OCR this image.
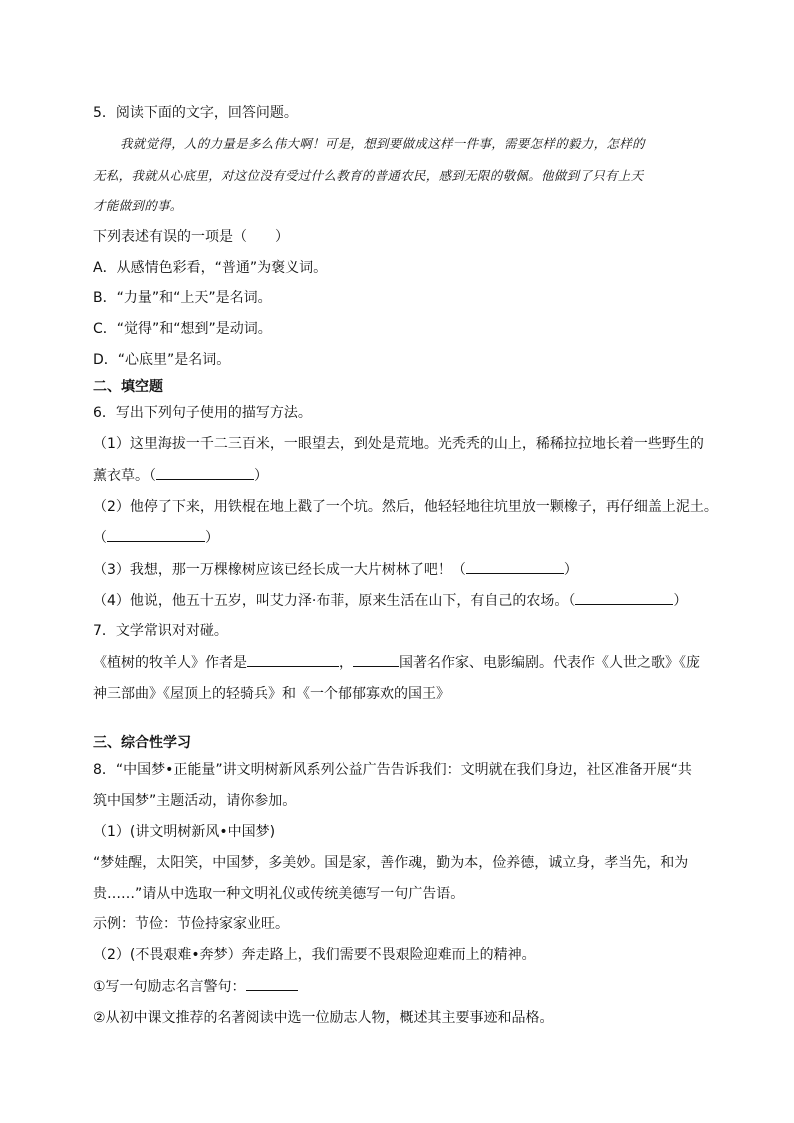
5．阅读下面的文字，回答问题。
我就觉得，人的力量是多么伟大啊！可是，想到要做成这样一件事，需要怎样的毅力，怎样的
无私，我就从心底里，对这位没有受过什么教育的普通农民，感到无限的敬佩。他做到了只有上天
才能做到的事。
下列表述有误的一项是（　　）
A．从感情色彩看，“普通”为褒义词。
B．“力量”和“上天”是名词。
C．“觉得”和“想到”是动词。
D．“心底里”是名词。
二、填空题
6．写出下列句子使用的描写方法。
（1）这里海拔一千二三百米，一眼望去，到处是荒地。光秃秃的山上，稀稀拉拉地长着一些野生的
薰衣草。（	）
（2）他停了下来，用铁棍在地上戳了一个坑。然后，他轻轻地往坑里放一颗橡子，再仔细盖上泥土。
（	）
（3）我想，那一万棵橡树应该已经长成一大片树林了吧！（	）
（4）他说，他五十五岁，叫艾力泽·布菲，原来生活在山下，有自己的农场。（	）
7．文学常识对对碰。
《植树的牧羊人》作者是	，	国著名作家、电影编剧。代表作《人世之歌》《庞
神三部曲》《屋顶上的轻骑兵》和《一个郁郁寡欢的国王》
三、综合性学习
8．“中国梦•正能量”讲文明树新风系列公益广告告诉我们：文明就在我们身边，社区准备开展“共
筑中国梦”主题活动，请你参加。
（1）(讲文明树新风•中国梦)
“梦娃醒，太阳笑，中国梦，多美妙。国是家，善作魂，勤为本，俭养德，诚立身，孝当先，和为
贵……”请从中选取一种文明礼仪或传统美德写一句广告语。
示例：节俭：节俭持家家业旺。
（2）(不畏艰难•奔梦）奔走路上，我们需要不畏艰险迎难而上的精神。
①写一句励志名言警句：
②从初中课文推荐的名著阅读中选一位励志人物，概述其主要事迹和品格。
